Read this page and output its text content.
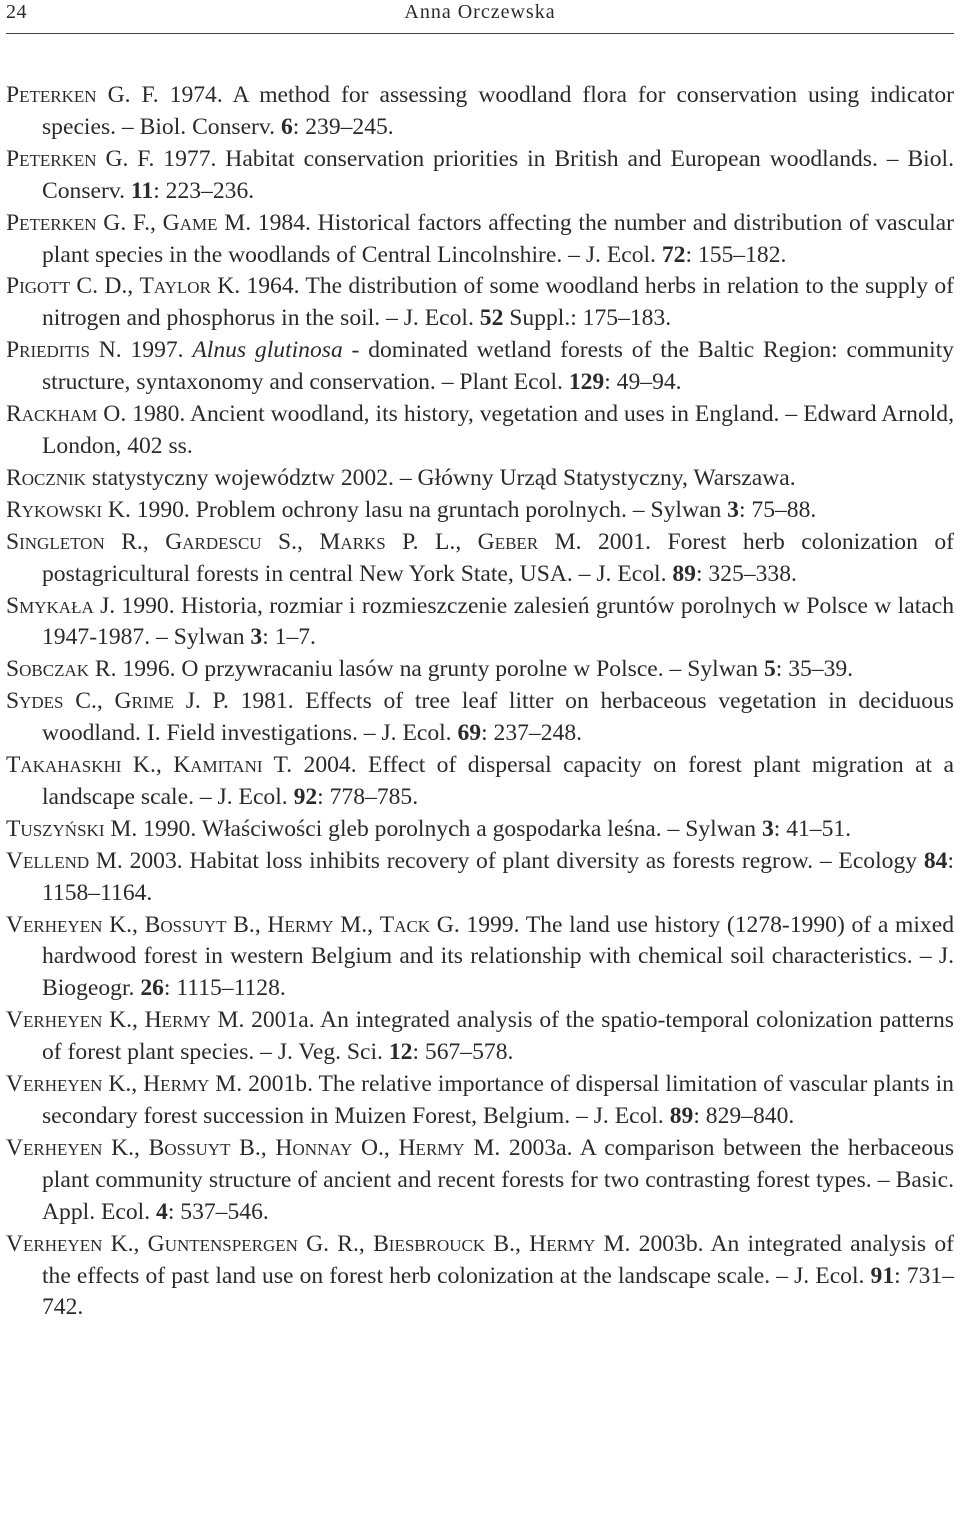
24	Anna Orczewska

Peterken G. F. 1974. A method for assessing woodland flora for conservation using indicator species. – Biol. Conserv. 6: 239–245.

Peterken G. F. 1977. Habitat conservation priorities in British and European woodlands. – Biol. Conserv. 11: 223–236.

Peterken G. F., Game M. 1984. Historical factors affecting the number and distribution of vascular plant species in the woodlands of Central Lincolnshire. – J. Ecol. 72: 155–182.

Pigott C. D., Taylor K. 1964. The distribution of some woodland herbs in relation to the supply of nitrogen and phosphorus in the soil. – J. Ecol. 52 Suppl.: 175–183.

Prieditis N. 1997. Alnus glutinosa - dominated wetland forests of the Baltic Region: community structure, syntaxonomy and conservation. – Plant Ecol. 129: 49–94.

Rackham O. 1980. Ancient woodland, its history, vegetation and uses in England. – Edward Arnold, London, 402 ss.

Rocznik statystyczny województw 2002. – Główny Urząd Statystyczny, Warszawa.

Rykowski K. 1990. Problem ochrony lasu na gruntach porolnych. – Sylwan 3: 75–88.

Singleton R., Gardescu S., Marks P. L., Geber M. 2001. Forest herb colonization of postagricultural forests in central New York State, USA. – J. Ecol. 89: 325–338.

Smykała J. 1990. Historia, rozmiar i rozmieszczenie zalesień gruntów porolnych w Polsce w latach 1947-1987. – Sylwan 3: 1–7.

Sobczak R. 1996. O przywracaniu lasów na grunty porolne w Polsce. – Sylwan 5: 35–39.

Sydes C., Grime J. P. 1981. Effects of tree leaf litter on herbaceous vegetation in deciduous woodland. I. Field investigations. – J. Ecol. 69: 237–248.

Takahaskhi K., Kamitani T. 2004. Effect of dispersal capacity on forest plant migration at a landscape scale. – J. Ecol. 92: 778–785.

Tuszyński M. 1990. Właściwości gleb porolnych a gospodarka leśna. – Sylwan 3: 41–51.

Vellend M. 2003. Habitat loss inhibits recovery of plant diversity as forests regrow. – Ecology 84: 1158–1164.

Verheyen K., Bossuyt B., Hermy M., Tack G. 1999. The land use history (1278-1990) of a mixed hardwood forest in western Belgium and its relationship with chemical soil characteristics. – J. Biogeogr. 26: 1115–1128.

Verheyen K., Hermy M. 2001a. An integrated analysis of the spatio-temporal colonization patterns of forest plant species. – J. Veg. Sci. 12: 567–578.

Verheyen K., Hermy M. 2001b. The relative importance of dispersal limitation of vascular plants in secondary forest succession in Muizen Forest, Belgium. – J. Ecol. 89: 829–840.

Verheyen K., Bossuyt B., Honnay O., Hermy M. 2003a. A comparison between the herbaceous plant community structure of ancient and recent forests for two contrasting forest types. – Basic. Appl. Ecol. 4: 537–546.

Verheyen K., Guntenspergen G. R., Biesbrouck B., Hermy M. 2003b. An integrated analysis of the effects of past land use on forest herb colonization at the landscape scale. – J. Ecol. 91: 731–742.
